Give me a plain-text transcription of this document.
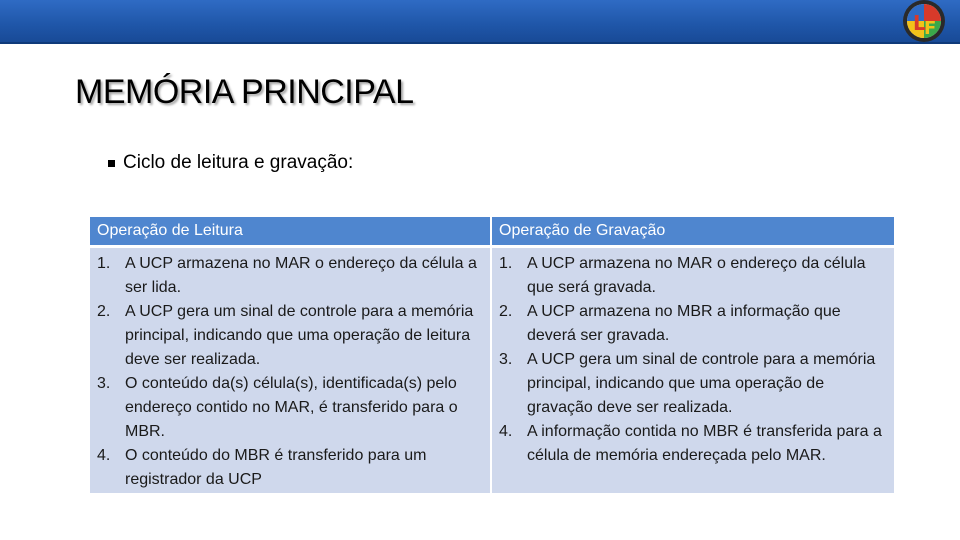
L
F
MEMÓRIA PRINCIPAL
Ciclo de leitura e gravação:
Operação de Leitura	Operação de Gravação
1. A UCP armazena no MAR o endereço da célula a ser lida.
2. A UCP gera um sinal de controle para a memória principal, indicando que uma operação de leitura deve ser realizada.
3. O conteúdo da(s) célula(s), identificada(s) pelo endereço contido no MAR, é transferido para o MBR.
4. O conteúdo do MBR é transferido para um registrador da UCP
1. A UCP armazena no MAR o endereço da célula que será gravada.
2. A UCP armazena no MBR a informação que deverá ser gravada.
3. A UCP gera um sinal de controle para a memória principal, indicando que uma operação de gravação deve ser realizada.
4. A informação contida no MBR é transferida para a célula de memória endereçada pelo MAR.
